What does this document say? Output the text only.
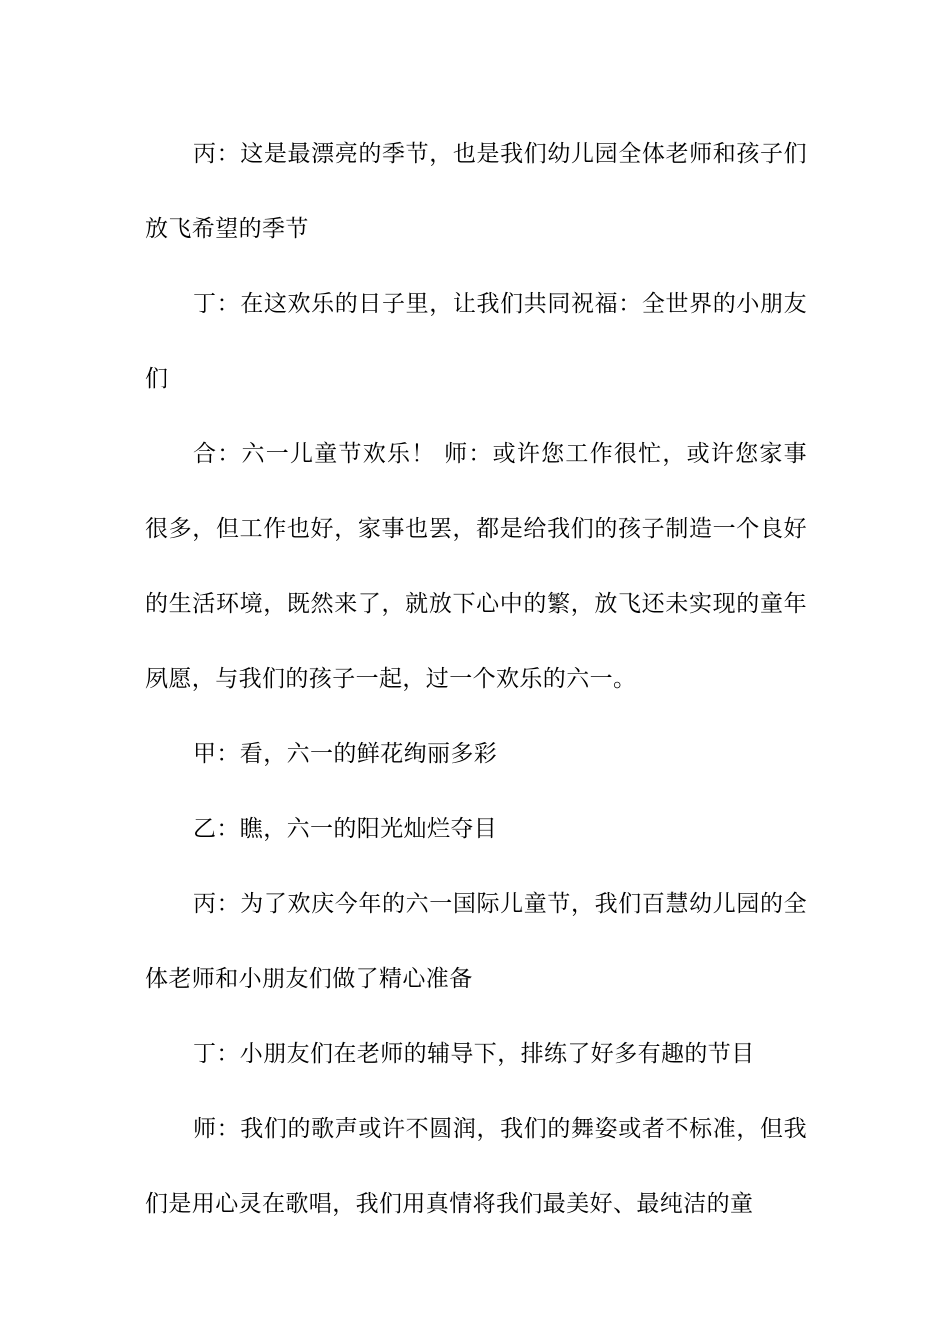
丙：这是最漂亮的季节，也是我们幼儿园全体老师和孩子们放飞希望的季节

丁：在这欢乐的日子里，让我们共同祝福：全世界的小朋友们

合：六一儿童节欢乐！ 师：或许您工作很忙，或许您家事很多，但工作也好，家事也罢，都是给我们的孩子制造一个良好的生活环境，既然来了，就放下心中的繁，放飞还未实现的童年夙愿，与我们的孩子一起，过一个欢乐的六一。

甲：看，六一的鲜花绚丽多彩

乙：瞧，六一的阳光灿烂夺目

丙：为了欢庆今年的六一国际儿童节，我们百慧幼儿园的全体老师和小朋友们做了精心准备

丁：小朋友们在老师的辅导下，排练了好多有趣的节目

师：我们的歌声或许不圆润，我们的舞姿或者不标准，但我们是用心灵在歌唱，我们用真情将我们最美好、最纯洁的童
